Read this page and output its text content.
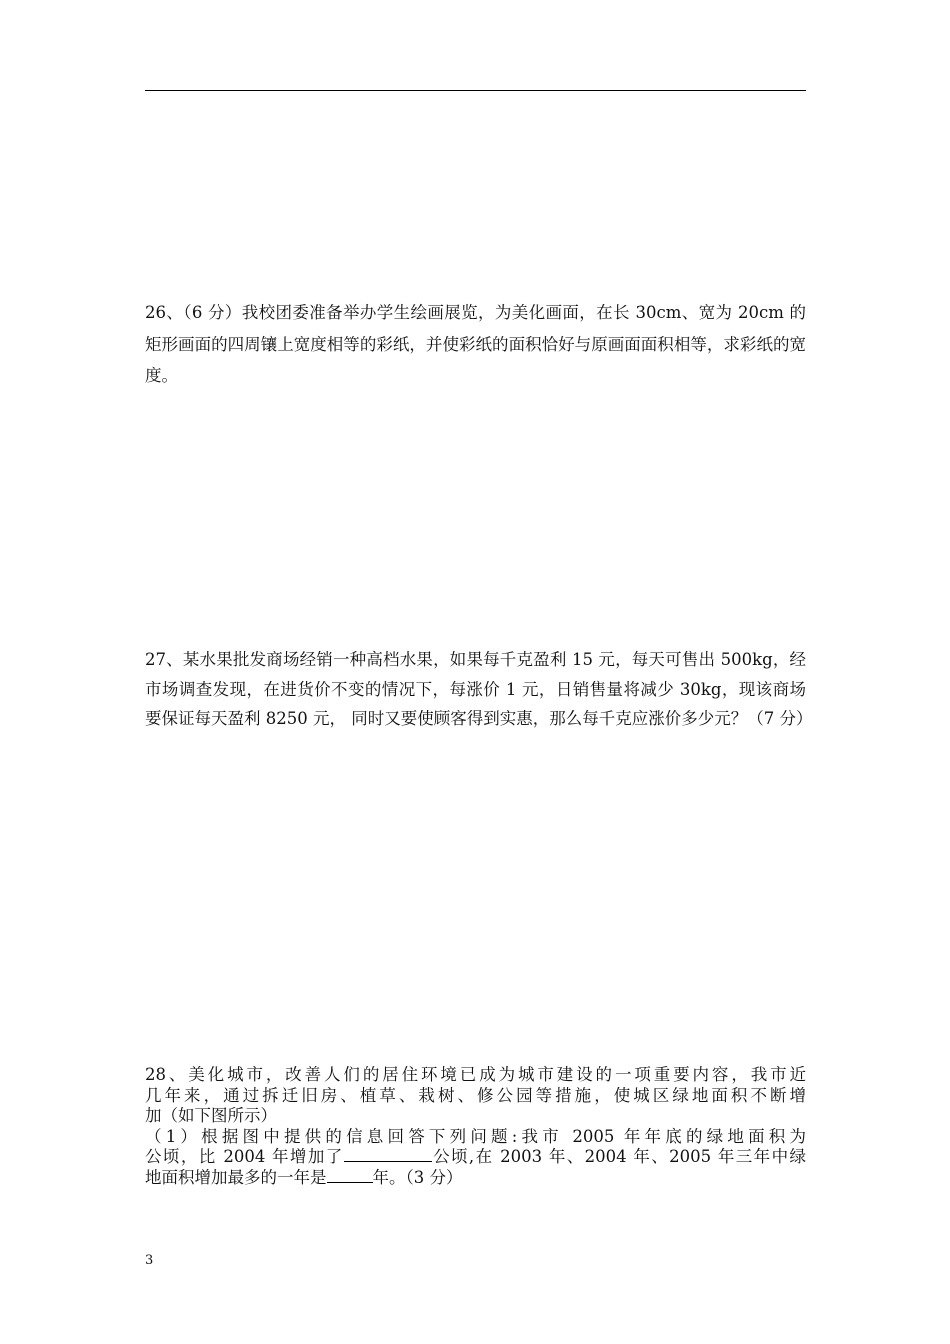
26、（6 分）我校团委准备举办学生绘画展览，为美化画面，在长 30cm、宽为 20cm 的矩形画面的四周镶上宽度相等的彩纸，并使彩纸的面积恰好与原画面面积相等，求彩纸的宽度。

27、某水果批发商场经销一种高档水果，如果每千克盈利 15 元，每天可售出 500kg，经市场调查发现，在进货价不变的情况下，每涨价 1 元，日销售量将减少 30kg，现该商场要保证每天盈利 8250 元， 同时又要使顾客得到实惠，那么每千克应涨价多少元？（7 分）

28、美化城市，改善人们的居住环境已成为城市建设的一项重要内容，我市近
几年来，通过拆迁旧房、植草、栽树、修公园等措施，使城区绿地面积不断增
加（如下图所示）
（1）根据图中提供的信息回答下列问题:我市 2005 年年底的绿地面积为
公顷，比 2004 年增加了	公顷,在 2003 年、2004 年、2005 年三年中绿
地面积增加最多的一年是	年。（3 分）
3
